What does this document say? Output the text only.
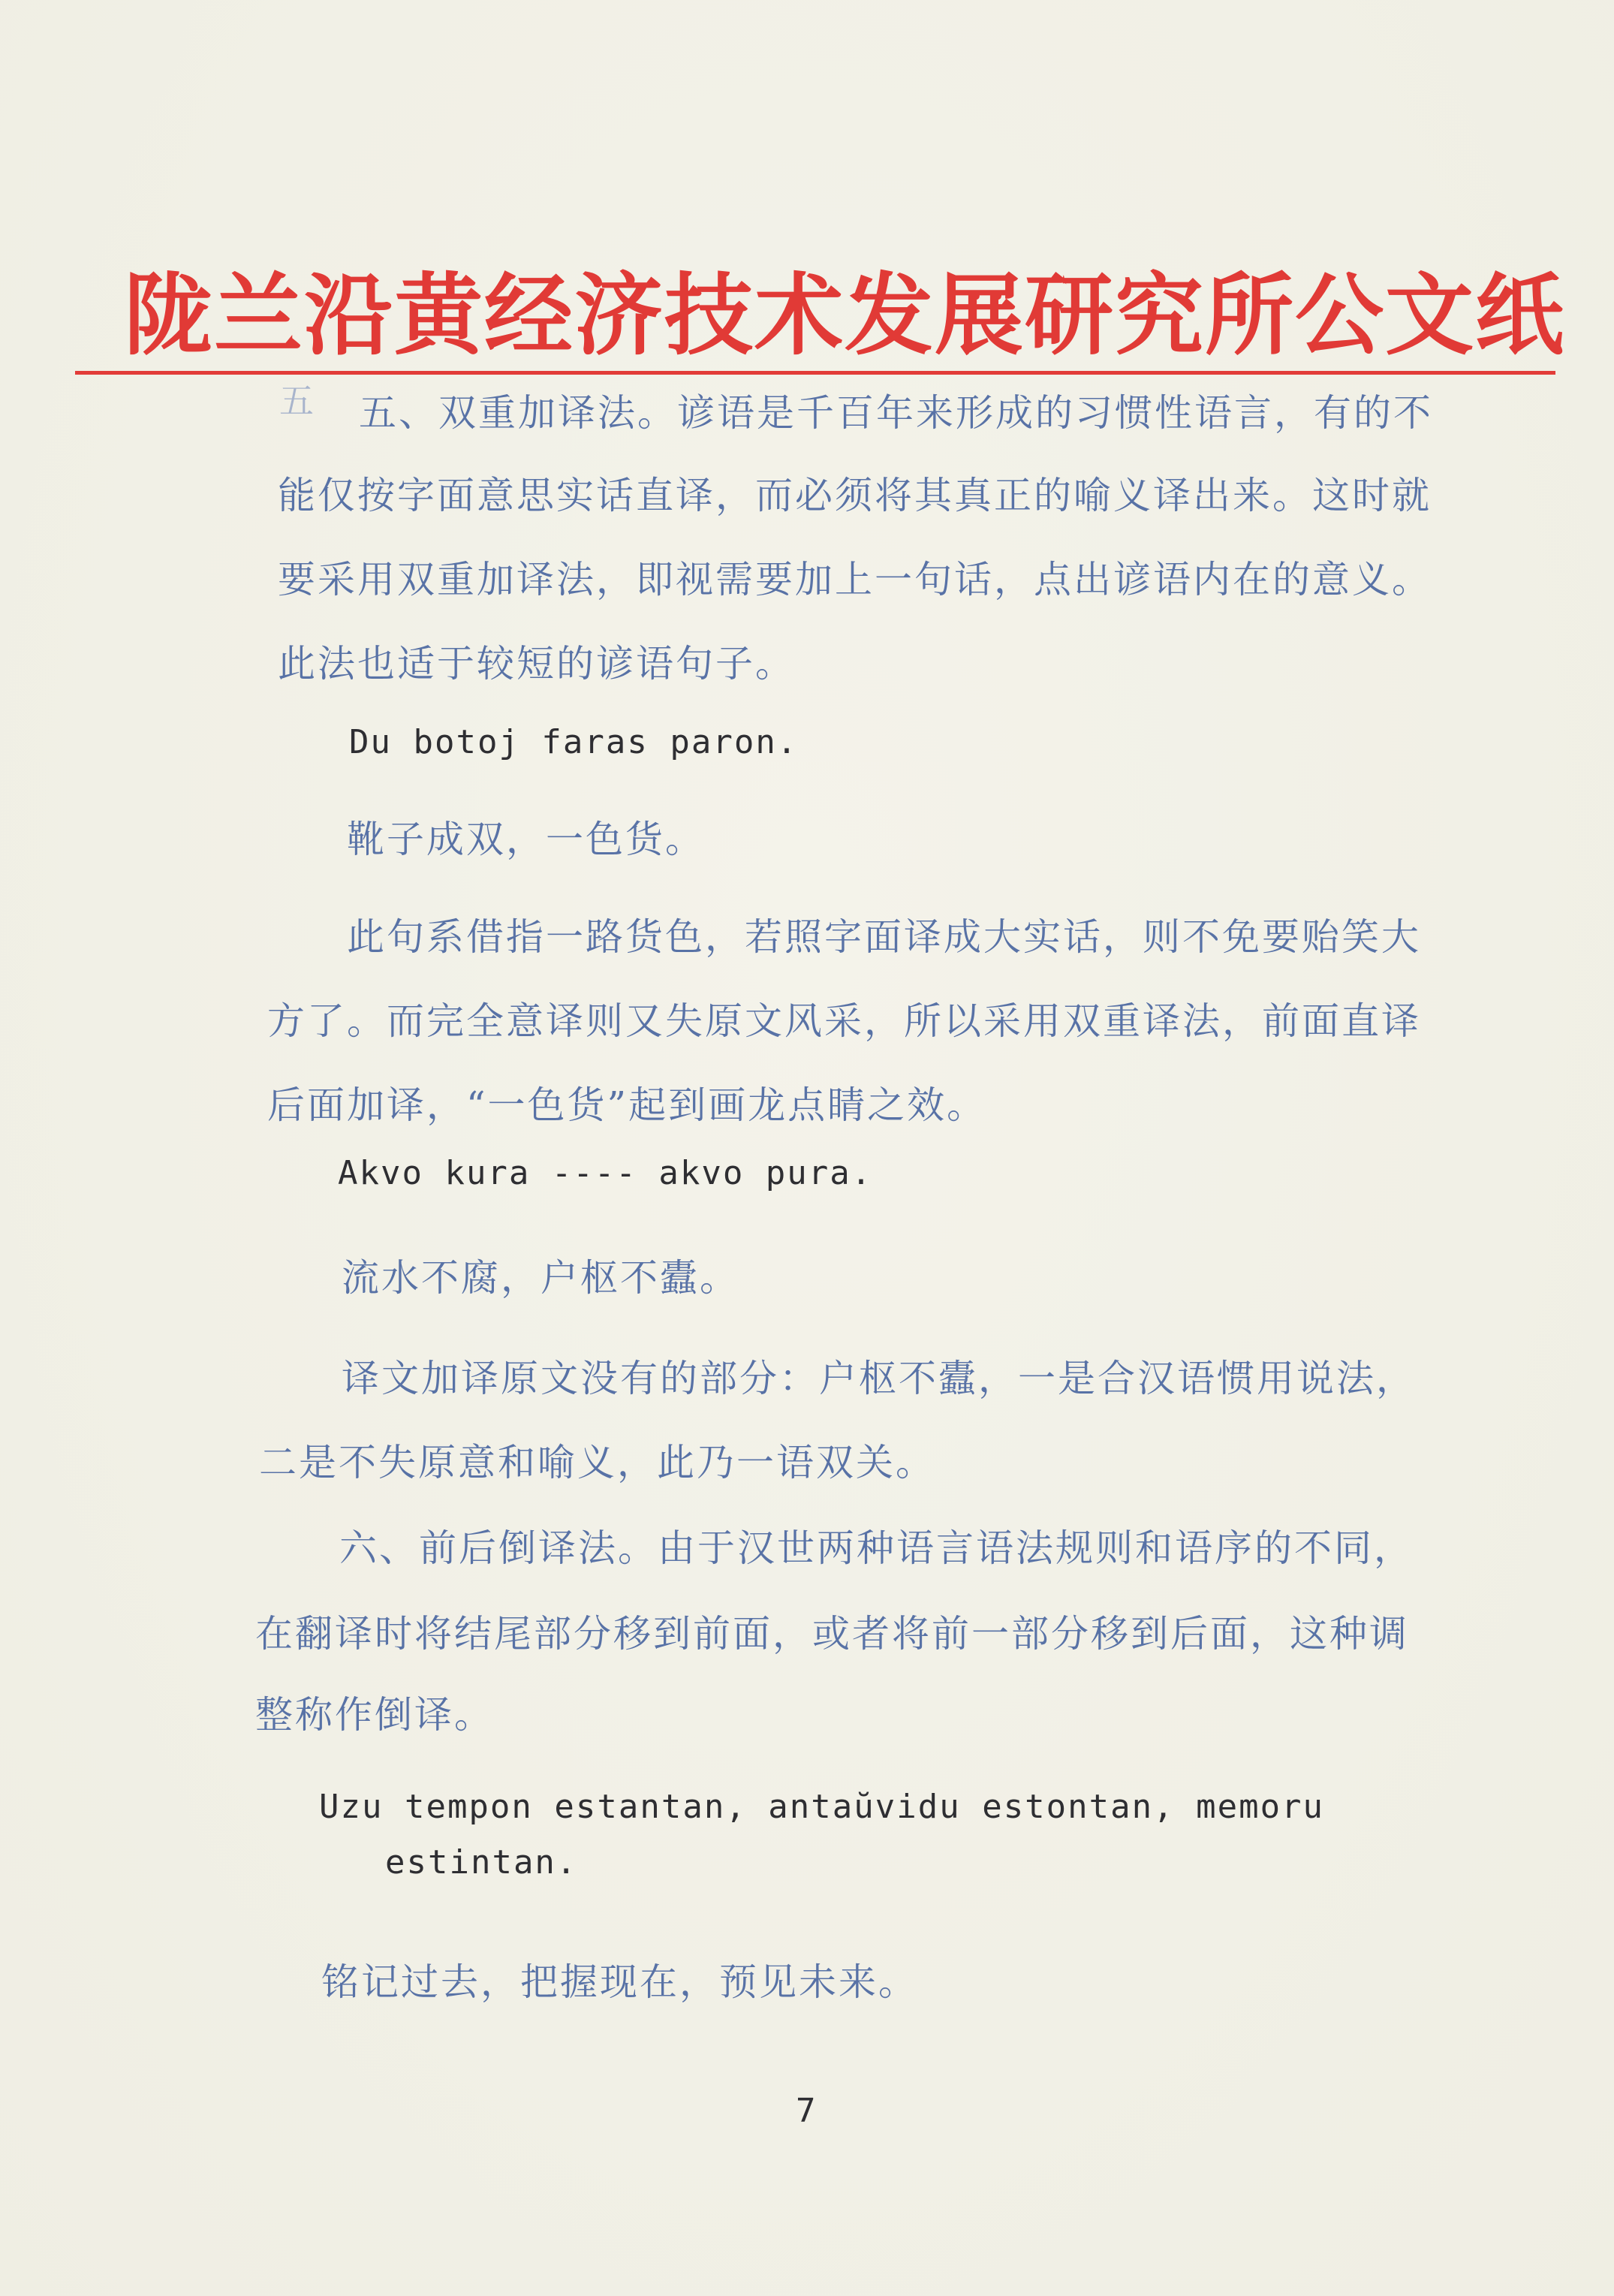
陇兰沿黄经济技术发展研究所公文纸
五 五、双重加译法。谚语是千百年来形成的习惯性语言，有的不
能仅按字面意思实话直译，而必须将其真正的喻义译出来。这时就
要采用双重加译法，即视需要加上一句话，点出谚语内在的意义。
此法也适于较短的谚语句子。
Du botoj faras paron.
靴子成双，一色货。
此句系借指一路货色，若照字面译成大实话，则不免要贻笑大
方了。而完全意译则又失原文风采，所以采用双重译法，前面直译
后面加译，“一色货”起到画龙点睛之效。
Akvo kura ---- akvo pura.
流水不腐，户枢不蠹。
译文加译原文没有的部分：户枢不蠹，一是合汉语惯用说法，
二是不失原意和喻义，此乃一语双关。
六、前后倒译法。由于汉世两种语言语法规则和语序的不同，
在翻译时将结尾部分移到前面，或者将前一部分移到后面，这种调
整称作倒译。
Uzu tempon estantan, antaŭvidu estontan, memoru
estintan.
铭记过去，把握现在，预见未来。
7
